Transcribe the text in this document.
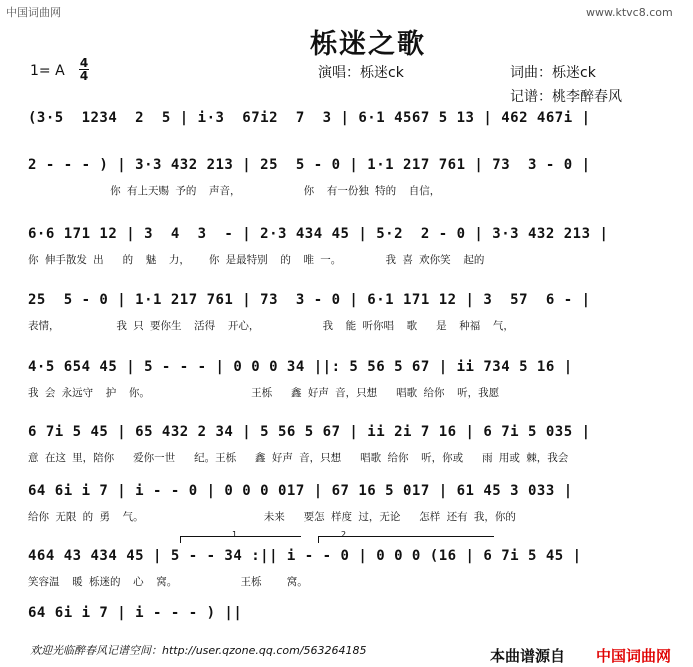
中国词曲网	www.ktvc8.com
栎迷之歌
1= A 4
4	演唱：栎迷ck	词曲：栎迷ck
记谱：桃李醉春风
(3·5  1234  2  5 | i·3  67i2  7  3 | 6·1 4567 5 13 | 462 467i |
2 - - - ) | 3·3 432 213 | 25  5 - 0 | 1·1 217 761 | 73  3 - 0 |
你 有上天赐 予的  声音，          你  有一份独 特的  自信，
6·6 171 12 | 3  4  3  - | 2·3 434 45 | 5·2  2 - 0 | 3·3 432 213 |
你 伸手散发 出   的  魅  力，   你 是最特别  的  唯 一。       我 喜 欢你笑  起的
25  5 - 0 | 1·1 217 761 | 73  3 - 0 | 6·1 171 12 | 3  57  6 - |
表情，         我 只 要你生  活得  开心，          我  能 听你唱  歌   是  种福  气，
4·5 654 45 | 5 - - - | 0 0 0 34 ||: 5 56 5 67 | ii 734 5 16 |
我 会 永远守  护  你。                王栎   鑫 好声 音，只想   唱歌 给你  听，我愿
6 7i 5 45 | 65 432 2 34 | 5 56 5 67 | ii 2i 7 16 | 6 7i 5 035 |
意 在这 里，陪你   爱你一世   纪。王栎   鑫 好声 音，只想   唱歌 给你  听，你或   雨 用或 棘，我会
64 6i i 7 | i - - 0 | 0 0 0 017 | 67 16 5 017 | 61 45 3 033 |
给你 无限 的 勇  气。                   未来   要怎 样度 过，无论   怎样 还有 我，你的
1	2
464 43 434 45 | 5 - - 34 :|| i - - 0 | 0 0 0 (16 | 6 7i 5 45 |
笑容温  暖 栎迷的  心  窝。          王栎    窝。
64 6i i 7 | i - - - ) ||
欢迎光临醉春风记谱空间：http://user.qzone.qq.com/563264185	本曲谱源自 中国词曲网
